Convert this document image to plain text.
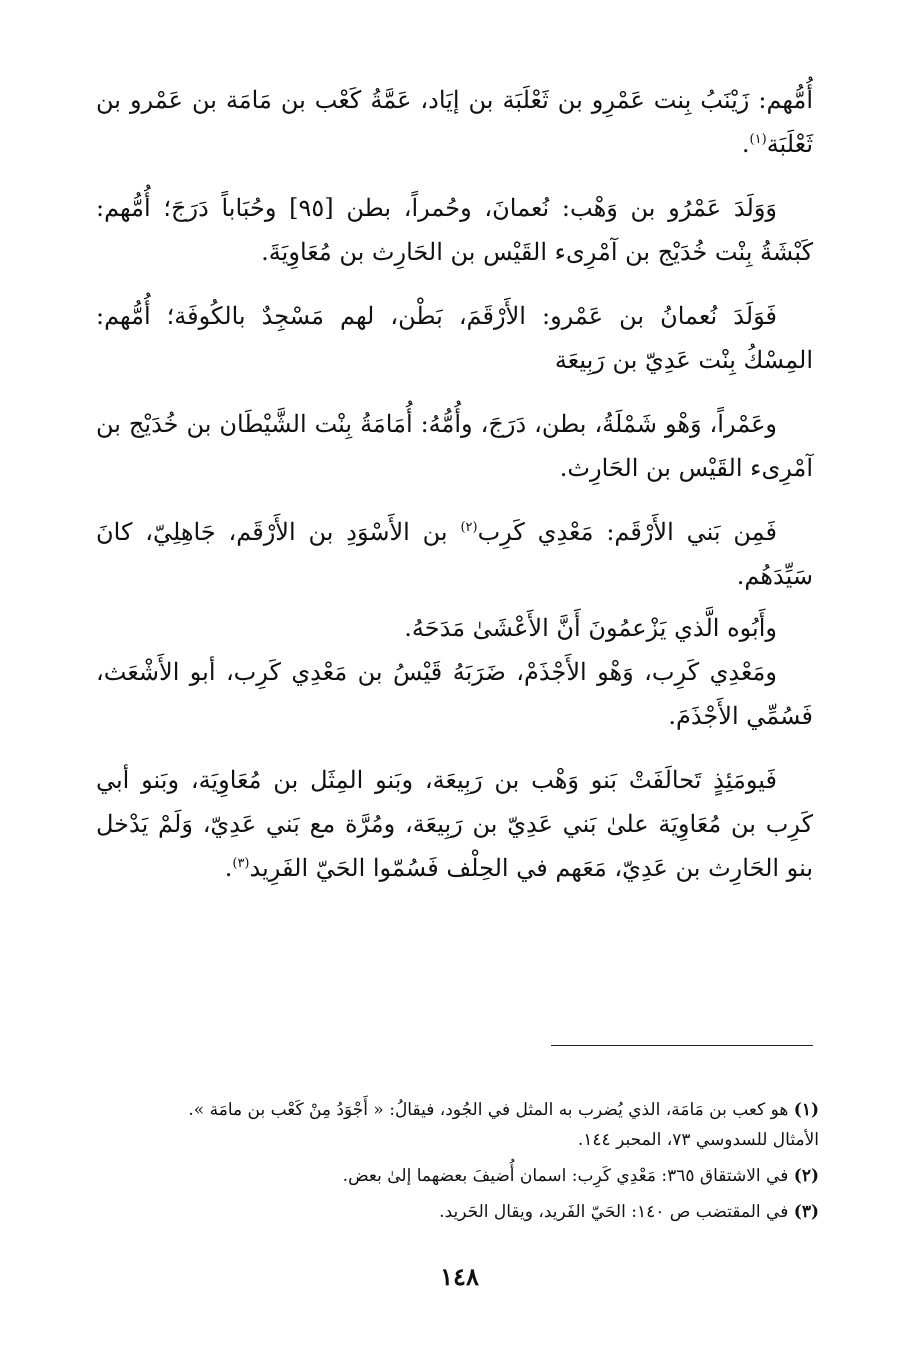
أُمُّهم: زَيْنَبُ بِنت عَمْرِو بن ثَعْلَبَة بن إيَاد، عَمَّةُ كَعْب بن مَامَة بن عَمْرو بن ثَعْلَبَة$^{(١)}$.

وَوَلَدَ عَمْرُو بن وَهْب: نُعمانَ، وحُمراً، بطن [٩٥] وحُبَاباً دَرَجَ؛ أُمُّهم: كَبْشَةُ بِنْت خُدَيْج بن آمْرِىء القَيْس بن الحَارِث بن مُعَاوِيَةَ.

فَوَلَدَ نُعمانُ بن عَمْرو: الأَرْقَمَ، بَطْن، لهم مَسْجِدٌ بالكُوفَة؛ أُمُّهم: المِسْكُ بِنْت عَدِيّ بن رَبِيعَة

وعَمْراً، وَهْو شَمْلَةُ، بطن، دَرَجَ، وأُمُّهُ: أُمَامَةُ بِنْت الشَّيْطَان بن خُدَيْج بن آمْرِىء القَيْس بن الحَارِث.

فَمِن بَني الأَرْقَم: مَعْدِي كَرِب$^{(٢)}$ بن الأَسْوَدِ بن الأَرْقَم، جَاهِلِيّ، كانَ سَيِّدَهُم.

وأَبُوه الَّذي يَزْعمُونَ أَنَّ الأَعْشَىٰ مَدَحَهُ.

ومَعْدِي كَرِب، وَهْو الأَجْذَمْ، ضَرَبَهُ قَيْسُ بن مَعْدِي كَرِب، أبو الأَشْعَث، فَسُمِّي الأَجْذَمَ.

فَيومَئِذٍ تَحالَفَتْ بَنو وَهْب بن رَبِيعَة، وبَنو المِثَل بن مُعَاوِيَة، وبَنو أبي كَرِب بن مُعَاوِيَة علىٰ بَني عَدِيّ بن رَبِيعَة، ومُرَّة مع بَني عَدِيّ، وَلَمْ يَدْخل بنو الحَارِث بن عَدِيّ، مَعَهم في الحِلْف فَسُمّوا الحَيّ الفَرِيد$^{(٣)}$.

(١) هو كعب بن مَامَة، الذي يُضرب به المثل في الجُود، فيقالُ: « أَجْوَدُ مِنْ كَعْب بن مامَة ».
الأمثال للسدوسي ٧٣، المحبر ١٤٤.

(٢) في الاشتقاق ٣٦٥: مَعْدِي كَرِب: اسمان أُضيفَ بعضهما إلىٰ بعض.

(٣) في المقتضب ص ١٤٠: الحَيّ الفَريد، ويقال الحَريد.

١٤٨
